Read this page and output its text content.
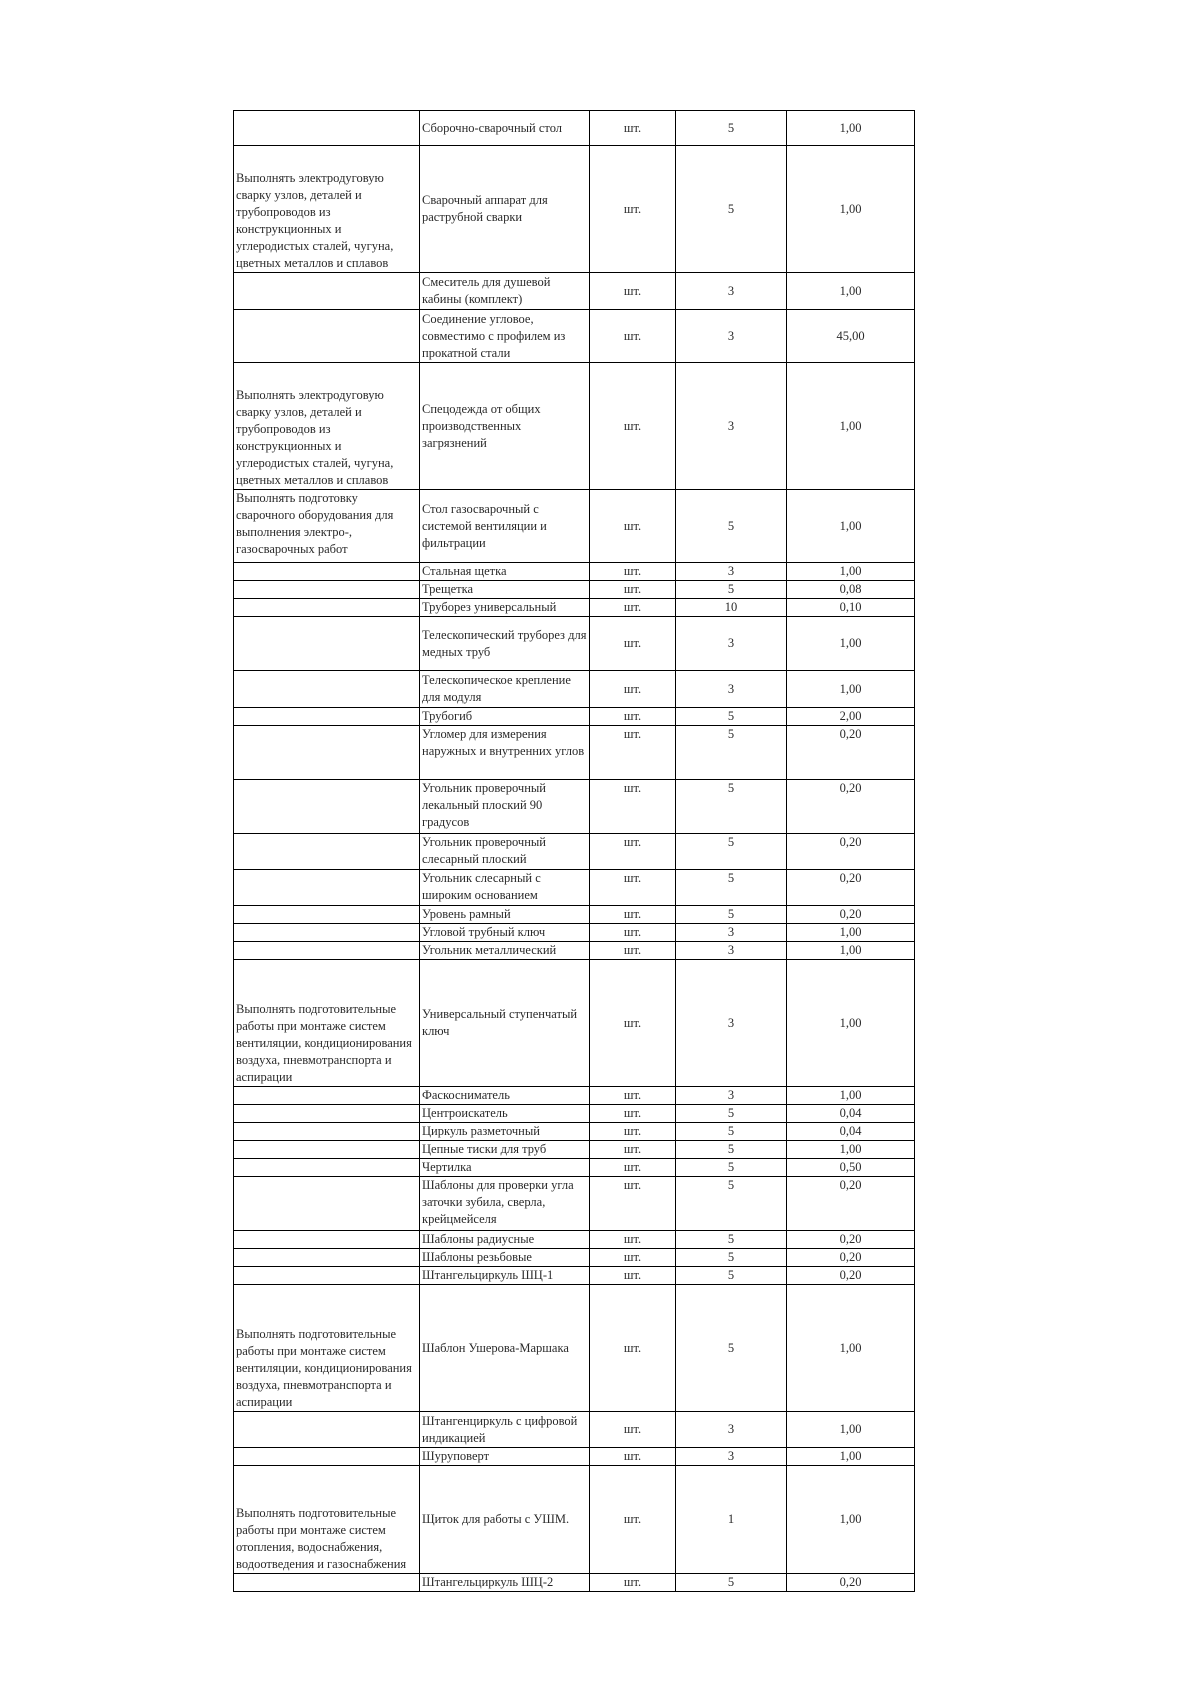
	Сборочно-сварочный стол	шт.	5	1,00
Выполнять электродуговую сварку узлов, деталей и трубопроводов из конструкционных и углеродистых сталей, чугуна, цветных металлов и сплавов	Сварочный аппарат для раструбной сварки	шт.	5	1,00
	Смеситель для душевой кабины (комплект)	шт.	3	1,00
	Соединение угловое, совместимо с профилем из прокатной стали	шт.	3	45,00
Выполнять электродуговую сварку узлов, деталей и трубопроводов из конструкционных и углеродистых сталей, чугуна, цветных металлов и сплавов	Спецодежда от общих производственных загрязнений	шт.	3	1,00
Выполнять подготовку сварочного оборудования для выполнения электро-, газосварочных работ	Стол газосварочный с системой вентиляции и фильтрации	шт.	5	1,00
	Стальная щетка	шт.	3	1,00
	Трещетка	шт.	5	0,08
	Труборез универсальный	шт.	10	0,10
	Телескопический труборез для медных труб	шт.	3	1,00
	Телескопическое крепление для модуля	шт.	3	1,00
	Трубогиб	шт.	5	2,00
	Угломер для измерения наружных и внутренних углов	шт.	5	0,20
	Угольник проверочный лекальный плоский 90 градусов	шт.	5	0,20
	Угольник проверочный слесарный плоский	шт.	5	0,20
	Угольник слесарный с широким основанием	шт.	5	0,20
	Уровень рамный	шт.	5	0,20
	Угловой трубный ключ	шт.	3	1,00
	Угольник металлический	шт.	3	1,00
Выполнять подготовительные работы при монтаже систем вентиляции, кондиционирования воздуха, пневмотранспорта и аспирации	Универсальный ступенчатый ключ	шт.	3	1,00
	Фаскосниматель	шт.	3	1,00
	Центроискатель	шт.	5	0,04
	Циркуль разметочный	шт.	5	0,04
	Цепные тиски для труб	шт.	5	1,00
	Чертилка	шт.	5	0,50
	Шаблоны для проверки угла заточки зубила, сверла, крейцмейселя	шт.	5	0,20
	Шаблоны радиусные	шт.	5	0,20
	Шаблоны резьбовые	шт.	5	0,20
	Штангельциркуль ШЦ-1	шт.	5	0,20
Выполнять подготовительные работы при монтаже систем вентиляции, кондиционирования воздуха, пневмотранспорта и аспирации	Шаблон Ушерова-Маршака	шт.	5	1,00
	Штангенциркуль с цифровой индикацией	шт.	3	1,00
	Шуруповерт	шт.	3	1,00
Выполнять подготовительные работы при монтаже систем отопления, водоснабжения, водоотведения и газоснабжения	Щиток для работы с УШМ.	шт.	1	1,00
	Штангельциркуль ШЦ-2	шт.	5	0,20
